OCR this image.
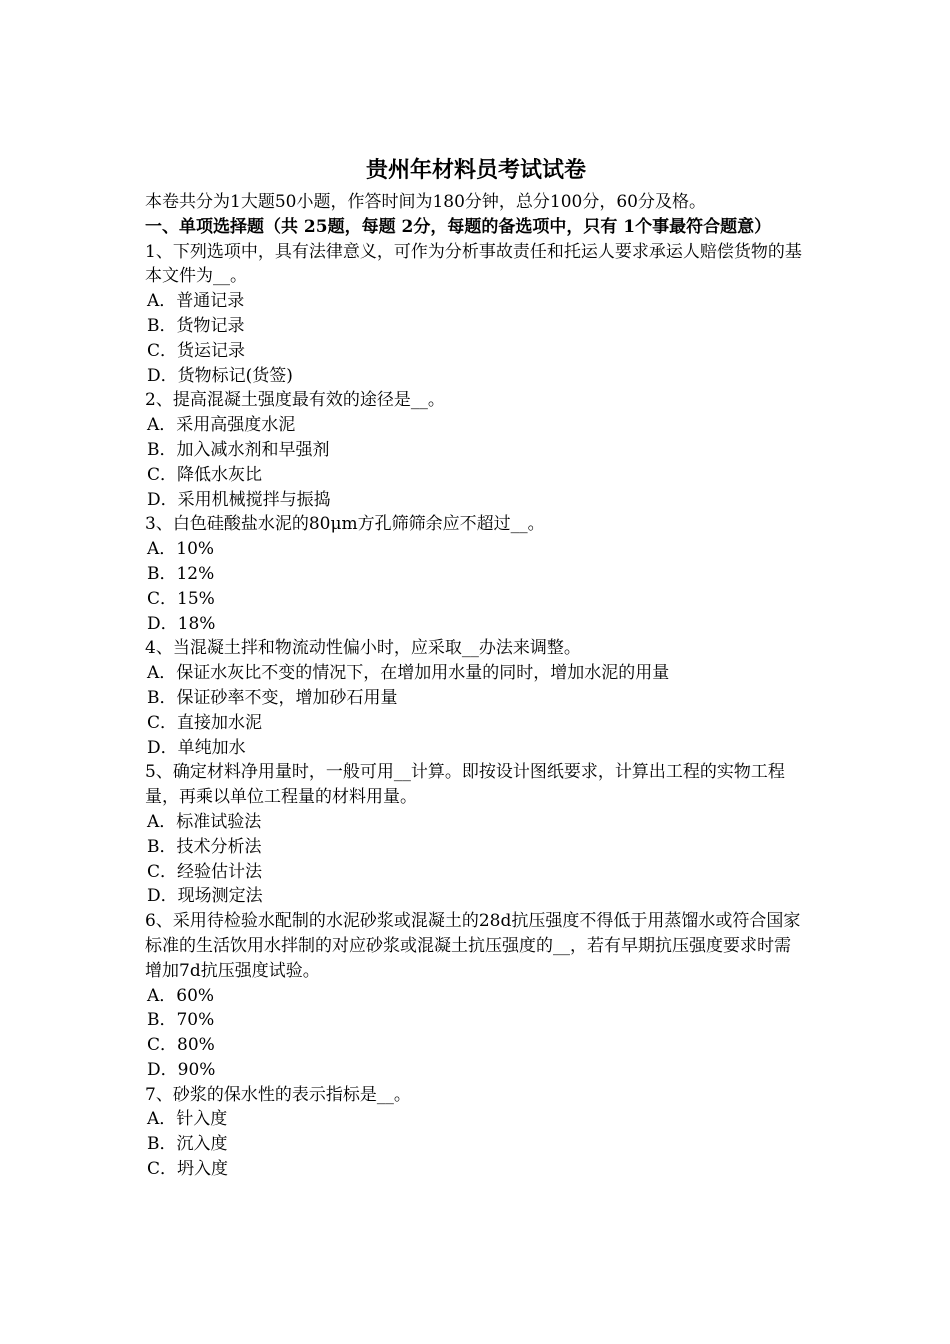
贵州年材料员考试试卷

本卷共分为1大题50小题，作答时间为180分钟，总分100分，60分及格。

一、单项选择题（共 25题，每题 2分，每题的备选项中，只有 1个事最符合题意）

1、下列选项中，具有法律意义，可作为分析事故责任和托运人要求承运人赔偿货物的基本文件为__。

A．普通记录

B．货物记录

C．货运记录

D．货物标记(货签)

2、提高混凝土强度最有效的途径是__。

A．采用高强度水泥

B．加入减水剂和早强剂

C．降低水灰比

D．采用机械搅拌与振捣

3、白色硅酸盐水泥的80μm方孔筛筛余应不超过__。

A．10%

B．12%

C．15%

D．18%

4、当混凝土拌和物流动性偏小时，应采取__办法来调整。

A．保证水灰比不变的情况下，在增加用水量的同时，增加水泥的用量

B．保证砂率不变，增加砂石用量

C．直接加水泥

D．单纯加水

5、确定材料净用量时，一般可用__计算。即按设计图纸要求，计算出工程的实物工程量，再乘以单位工程量的材料用量。

A．标准试验法

B．技术分析法

C．经验估计法

D．现场测定法

6、采用待检验水配制的水泥砂浆或混凝土的28d抗压强度不得低于用蒸馏水或符合国家标准的生活饮用水拌制的对应砂浆或混凝土抗压强度的__，若有早期抗压强度要求时需增加7d抗压强度试验。

A．60%

B．70%

C．80%

D．90%

7、砂浆的保水性的表示指标是__。

A．针入度

B．沉入度

C．坍入度
